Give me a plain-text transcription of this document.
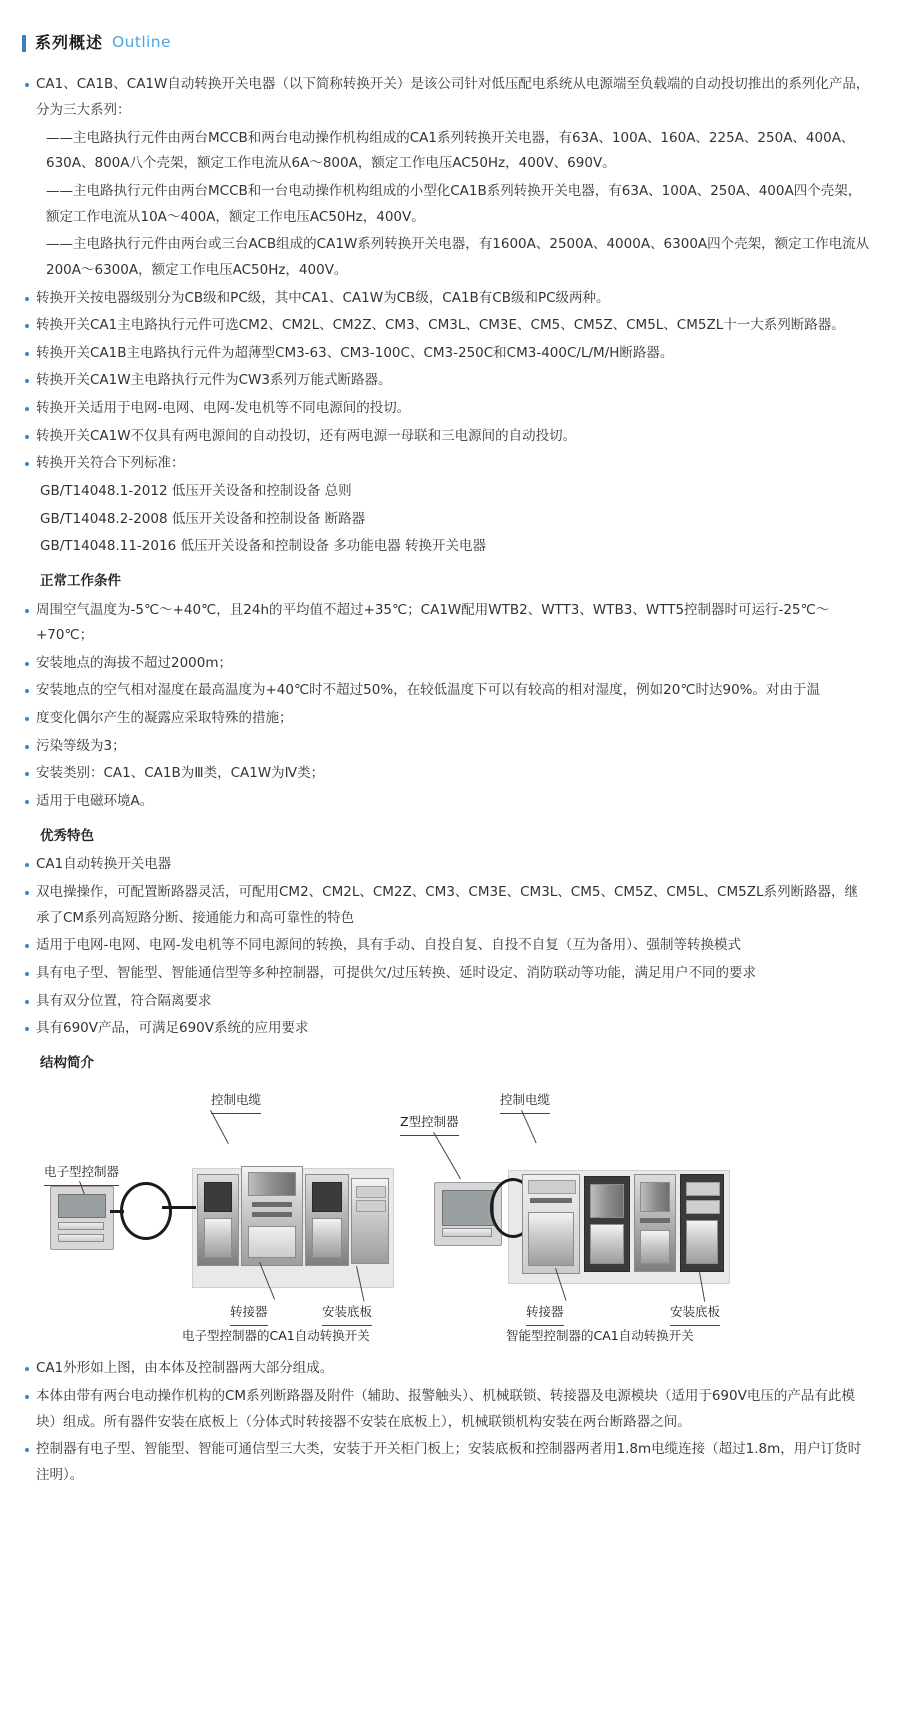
系列概述 Outline

CA1、CA1B、CA1W自动转换开关电器（以下简称转换开关）是该公司针对低压配电系统从电源端至负载端的自动投切推出的系列化产品，分为三大系列：

——主电路执行元件由两台MCCB和两台电动操作机构组成的CA1系列转换开关电器，有63A、100A、160A、225A、250A、400A、630A、800A八个壳架，额定工作电流从6A～800A，额定工作电压AC50Hz，400V、690V。

——主电路执行元件由两台MCCB和一台电动操作机构组成的小型化CA1B系列转换开关电器，有63A、100A、250A、400A四个壳架，额定工作电流从10A～400A，额定工作电压AC50Hz，400V。

——主电路执行元件由两台或三台ACB组成的CA1W系列转换开关电器，有1600A、2500A、4000A、6300A四个壳架，额定工作电流从200A～6300A，额定工作电压AC50Hz，400V。

转换开关按电器级别分为CB级和PC级，其中CA1、CA1W为CB级，CA1B有CB级和PC级两种。

转换开关CA1主电路执行元件可选CM2、CM2L、CM2Z、CM3、CM3L、CM3E、CM5、CM5Z、CM5L、CM5ZL十一大系列断路器。

转换开关CA1B主电路执行元件为超薄型CM3-63、CM3-100C、CM3-250C和CM3-400C/L/M/H断路器。

转换开关CA1W主电路执行元件为CW3系列万能式断路器。

转换开关适用于电网-电网、电网-发电机等不同电源间的投切。

转换开关CA1W不仅具有两电源间的自动投切，还有两电源一母联和三电源间的自动投切。

转换开关符合下列标准：

GB/T14048.1-2012 低压开关设备和控制设备 总则

GB/T14048.2-2008 低压开关设备和控制设备 断路器

GB/T14048.11-2016 低压开关设备和控制设备 多功能电器 转换开关电器

正常工作条件

周围空气温度为-5℃～+40℃，且24h的平均值不超过+35℃；CA1W配用WTB2、WTT3、WTB3、WTT5控制器时可运行-25℃～+70℃；

安装地点的海拔不超过2000m；

安装地点的空气相对湿度在最高温度为+40℃时不超过50%，在较低温度下可以有较高的相对湿度，例如20℃时达90%。对由于温

度变化偶尔产生的凝露应采取特殊的措施；

污染等级为3；

安装类别：CA1、CA1B为Ⅲ类，CA1W为Ⅳ类；

适用于电磁环境A。

优秀特色

CA1自动转换开关电器

双电操操作，可配置断路器灵活，可配用CM2、CM2L、CM2Z、CM3、CM3E、CM3L、CM5、CM5Z、CM5L、CM5ZL系列断路器，继承了CM系列高短路分断、接通能力和高可靠性的特色

适用于电网-电网、电网-发电机等不同电源间的转换，具有手动、自投自复、自投不自复（互为备用）、强制等转换模式

具有电子型、智能型、智能通信型等多种控制器，可提供欠/过压转换、延时设定、消防联动等功能，满足用户不同的要求

具有双分位置，符合隔离要求

具有690V产品，可满足690V系统的应用要求

结构简介

控制电缆
电子型控制器
转接器	安装底板
电子型控制器的CA1自动转换开关
Z型控制器
控制电缆
转接器	安装底板
智能型控制器的CA1自动转换开关

CA1外形如上图，由本体及控制器两大部分组成。

本体由带有两台电动操作机构的CM系列断路器及附件（辅助、报警触头）、机械联锁、转接器及电源模块（适用于690V电压的产品有此模块）组成。所有器件安装在底板上（分体式时转接器不安装在底板上），机械联锁机构安装在两台断路器之间。

控制器有电子型、智能型、智能可通信型三大类，安装于开关柜门板上；安装底板和控制器两者用1.8m电缆连接（超过1.8m，用户订货时注明）。
